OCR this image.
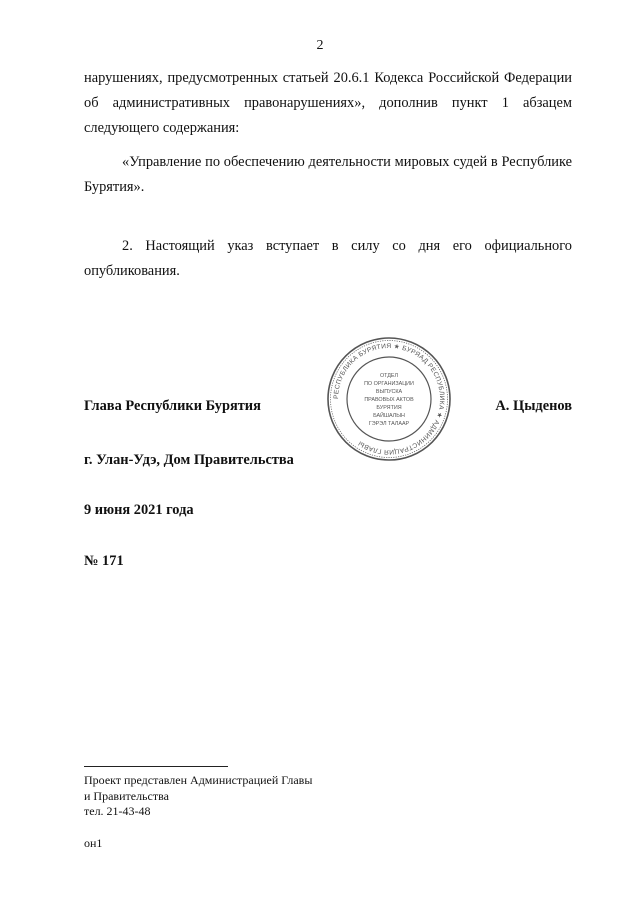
2

нарушениях, предусмотренных статьей 20.6.1 Кодекса Российской Федерации об административных правонарушениях», дополнив пункт 1 абзацем следующего содержания:

«Управление по обеспечению деятельности мировых судей в Республике Бурятия».

2. Настоящий указ вступает в силу со дня его официального опубликования.

РЕСПУБЛИКА БУРЯТИЯ ★ БУРЯАД РЕСПУБЛИКА ★ АДМИНИСТРАЦИЯ ГЛАВЫ
ОТДЕЛ
ПО ОРГАНИЗАЦИИ
ВЫПУСКА
ПРАВОВЫХ АКТОВ
БУРЯТИЯ
БАЙШАЛЫН
ГЭРЭЛ ТАЛААР
Глава Республики Бурятия	А. Цыденов
г. Улан-Удэ, Дом Правительства
9 июня 2021 года
№ 171
Проект представлен Администрацией Главы
и Правительства
тел. 21-43-48
он1
